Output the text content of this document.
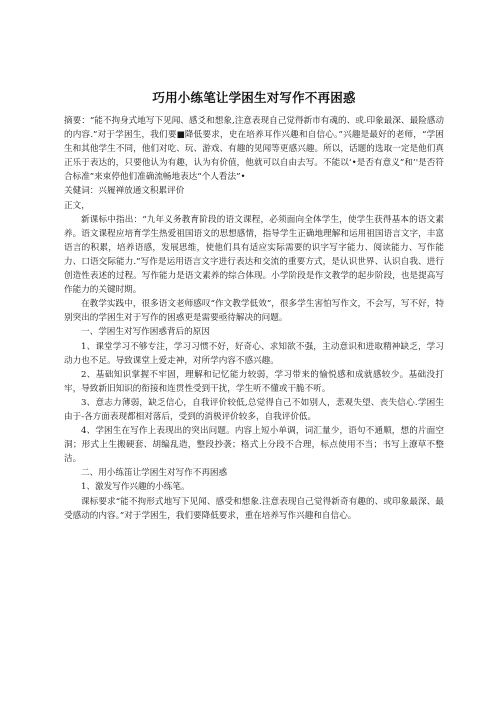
巧用小练笔让学困生对写作不再困惑

摘要：“能不拘身式地写下见闻、感爻和想象,注意表现自己觉得新市有魂的、或.印象最深、最险感动的内容.”对于学困生，我们要■降低要求，史在培养耳作兴趣和自信心。”兴趣是最好的老师，“学困生和其他学生不同，他们对吃、玩、游戏、有趣的见闻等更感兴趣。所以，话题的选取一定是他们真正乐于表达的，只要他认为有趣，认为有价值，他就可以自由去写。不能以‘•是否有意义”和’'是否符合标准”来束停他们准确流畅地表达“个人看法”•

关健词：兴履禅放通文积累评价

正文，

新课标中指出：“九年义务教育阶段的语文课程，必须面向全体学生，使学生获得基本的语文素养。语文课程应培育学生热爱祖国语文的思想感情，指导学生正确地理解和运用祖国语言文字，丰富语言的积累，培养语感，发展思维，使他们具有适应实际需要的识字写字能力、阅读能力、写作能力、口语交际能力.”写作是运用语言文字进行表达和交流的重要方式，是认识世界、认识自我、进行创造性表述的过程。写作能力是语文素养的综合体现。小学阶段是作文教学的起步阶段，也是提高写作能力的关键时期。

在教学实践中，很多语文老师感叹“作文教学低效”，很多学生害怕写作文，不会写，写不好，特别突出的学困生对于写作的困惑更是需要亟待解决的问题。

一、学困生对写作困惑背后的原因

1、课堂学习不够专注，学习习惯不好，好奇心、求知欲不强，主动意识和进取精神缺乏，学习动力也不足。导致课堂上爱走神，对所学内容不感兴趣。

2、基础知识掌握不牢固，理解和记忆能力较弱，学习带来的愉悦感和成就感较少。基础没打牢，导致新旧知识的衔接和连贯性受到干扰，学生听不懂或干脆不听。

3、意志力薄弱，缺乏信心，自我评价较低,总觉得自己不如别人，悲观失望、丧失信心.学困生由于-各方面表现都相对落后，受到的消极评价较多，自我评价低。

4、学困生在写作上表现出的突出问题。内容上短小单调，词汇量少，语句不通顺，想的片面空洞；形式上生搬硬套、胡编乱造，整段抄袭；格式上分段不合理，标点使用不当；书写上潦草不整洁。

二、用小练笛让学困生对写作不再困惑

1、激发写作兴趣的小练笔。

课标要求“能不拘形式地写下见闻、感受和想象.注意表现自己觉得新奇有趣的、或印象最深、最受感动的内容。”对于学困生，我们要降低要求，重在培养写作兴趣和自信心。
